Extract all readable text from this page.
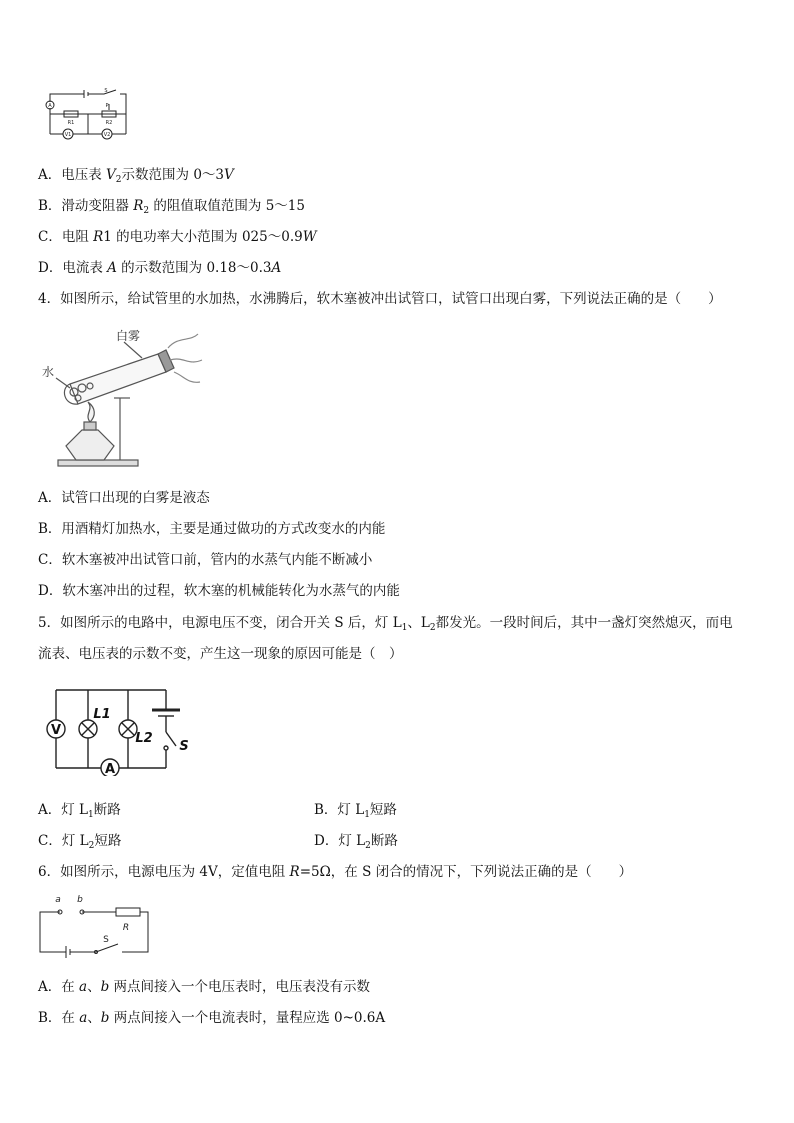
A
S
P
R1	R2
V1	V2
A．电压表 $V_2$示数范围为 0～3V
B．滑动变阻器 $R_2$ 的阻值取值范围为 5～15
C．电阻 R1 的电功率大小范围为 025～0.9W
D．电流表 A 的示数范围为 0.18～0.3A
4．如图所示，给试管里的水加热，水沸腾后，软木塞被冲出试管口，试管口出现白雾，下列说法正确的是（　　）
白雾
水
A．试管口出现的白雾是液态
B．用酒精灯加热水，主要是通过做功的方式改变水的内能
C．软木塞被冲出试管口前，管内的水蒸气内能不断减小
D．软木塞冲出的过程，软木塞的机械能转化为水蒸气的内能
5．如图所示的电路中，电源电压不变，闭合开关 S 后，灯 $L_1$、$L_2$都发光。一段时间后，其中一盏灯突然熄灭，而电
流表、电压表的示数不变，产生这一现象的原因可能是（　）
V
L1
L2
A
S
A．灯 $L_1$断路	B．灯 $L_1$短路
C．灯 $L_2$短路	D．灯 $L_2$断路
6．如图所示，电源电压为 4V，定值电阻 R=5Ω，在 S 闭合的情况下，下列说法正确的是（　　）
a b
R
S
A．在 a、b 两点间接入一个电压表时，电压表没有示数
B．在 a、b 两点间接入一个电流表时，量程应选 0~0.6A
